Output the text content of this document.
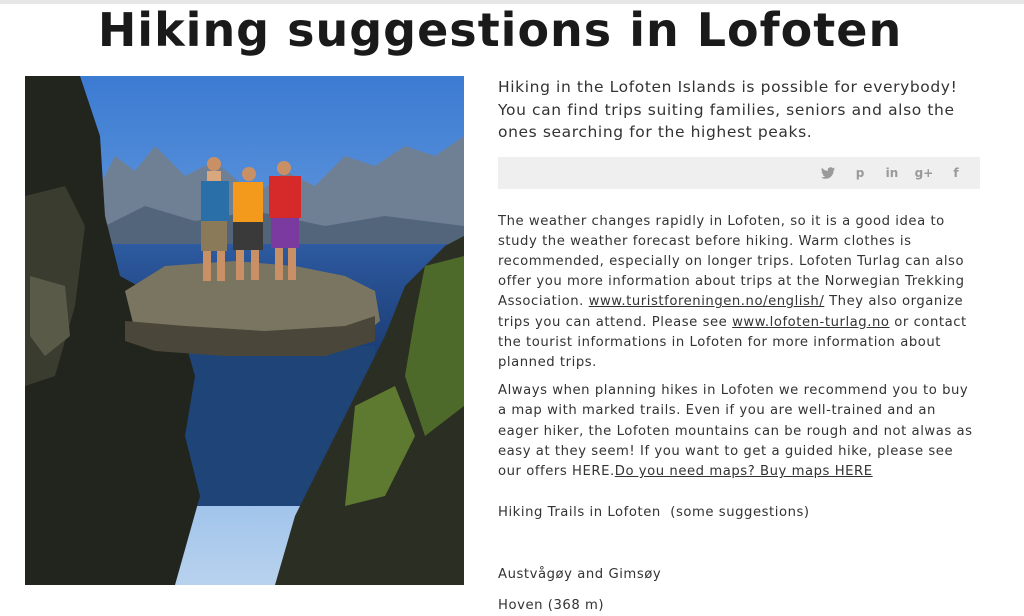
Hiking suggestions in Lofoten

Hiking in the Lofoten Islands is possible for everybody! You can find trips suiting families, seniors and also the ones searching for the highest peaks.

p	in	g+	f

The weather changes rapidly in Lofoten, so it is a good idea to study the weather forecast before hiking. Warm clothes is recommended, especially on longer trips. Lofoten Turlag can also offer you more information about trips at the Norwegian Trekking Association. www.turistforeningen.no/english/ They also organize trips you can attend. Please see www.lofoten-turlag.no or contact the tourist informations in Lofoten for more information about planned trips.

Always when planning hikes in Lofoten we recommend you to buy a map with marked trails. Even if you are well-trained and an eager hiker, the Lofoten mountains can be rough and not alwas as easy at they seem! If you want to get a guided hike, please see our offers HERE.Do you need maps? Buy maps HERE

Hiking Trails in Lofoten  (some suggestions)

Austvågøy and Gimsøy

Hoven (368 m)
